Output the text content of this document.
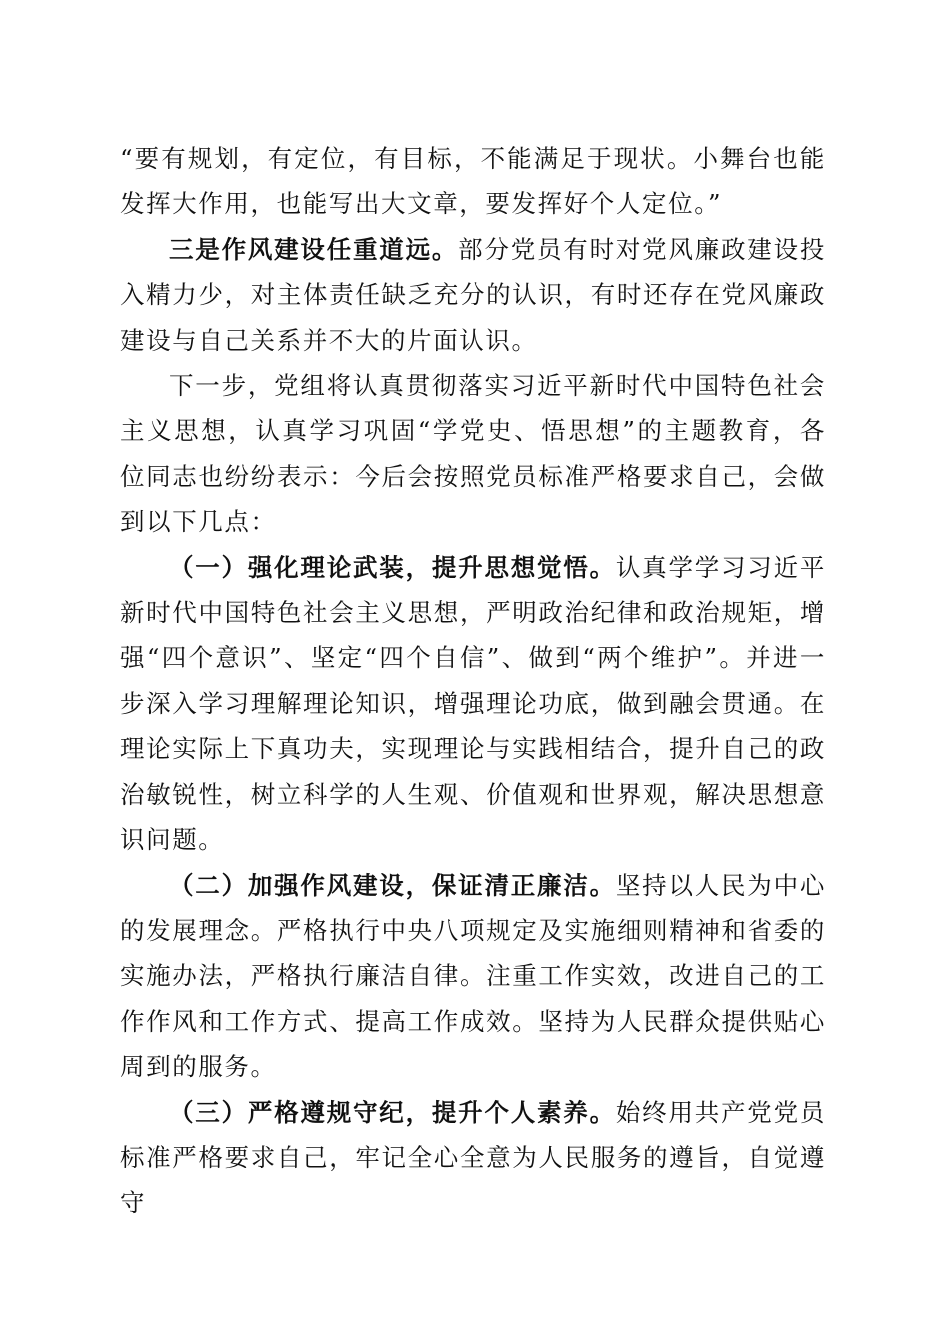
“要有规划，有定位，有目标，不能满足于现状。小舞台也能发挥大作用，也能写出大文章，要发挥好个人定位。”

三是作风建设任重道远。部分党员有时对党风廉政建设投入精力少，对主体责任缺乏充分的认识，有时还存在党风廉政建设与自己关系并不大的片面认识。

下一步，党组将认真贯彻落实习近平新时代中国特色社会主义思想，认真学习巩固“学党史、悟思想”的主题教育，各位同志也纷纷表示：今后会按照党员标准严格要求自己，会做到以下几点：

（一）强化理论武装，提升思想觉悟。认真学学习习近平新时代中国特色社会主义思想，严明政治纪律和政治规矩，增强“四个意识”、坚定“四个自信”、做到“两个维护”。并进一步深入学习理解理论知识，增强理论功底，做到融会贯通。在理论实际上下真功夫，实现理论与实践相结合，提升自己的政治敏锐性，树立科学的人生观、价值观和世界观，解决思想意识问题。

（二）加强作风建设，保证清正廉洁。坚持以人民为中心的发展理念。严格执行中央八项规定及实施细则精神和省委的实施办法，严格执行廉洁自律。注重工作实效，改进自己的工作作风和工作方式、提高工作成效。坚持为人民群众提供贴心周到的服务。

（三）严格遵规守纪，提升个人素养。始终用共产党党员标准严格要求自己，牢记全心全意为人民服务的遵旨，自觉遵守
